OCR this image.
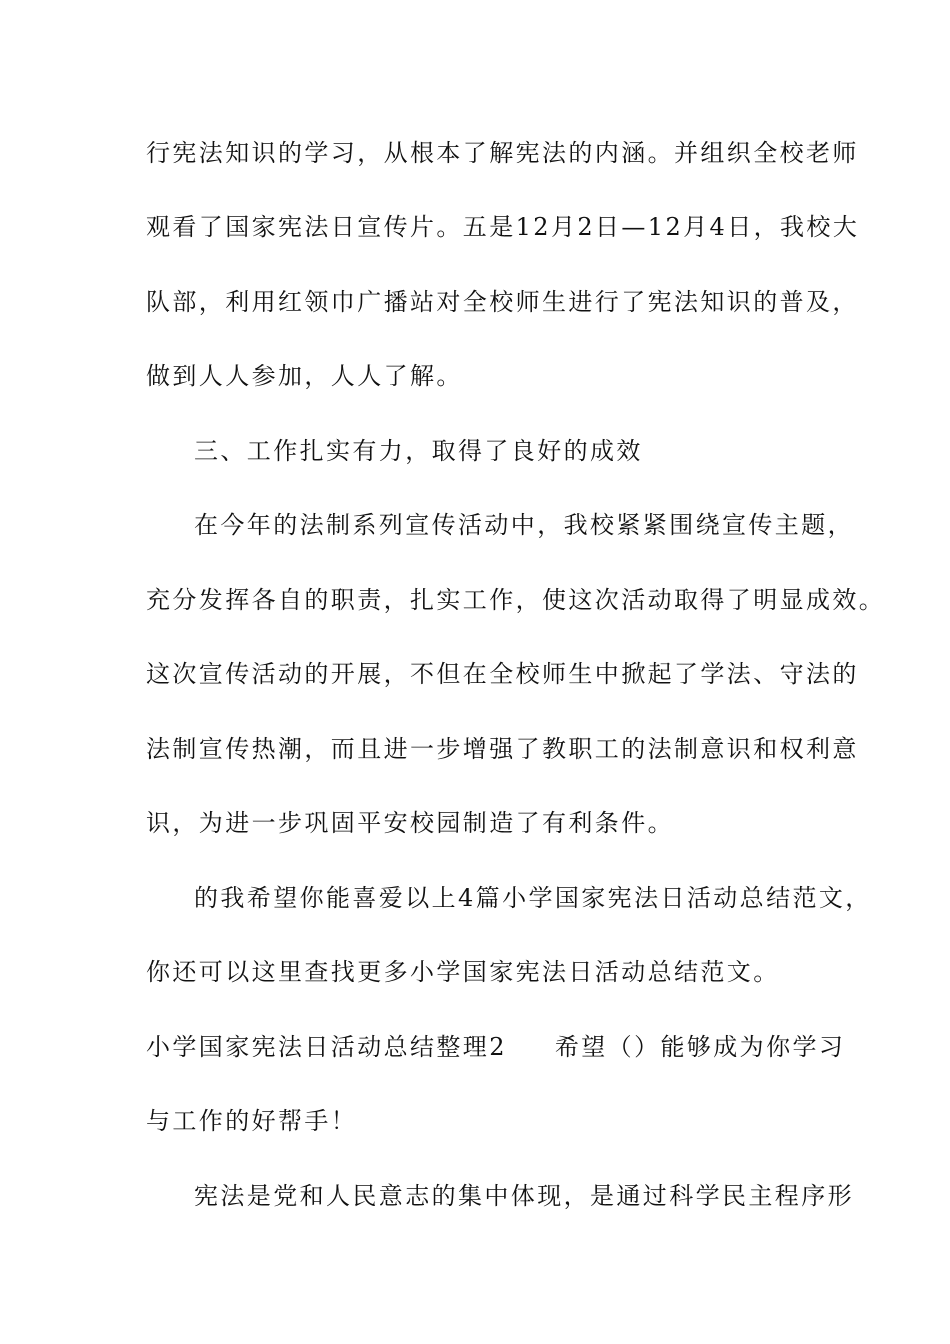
行宪法知识的学习，从根本了解宪法的内涵。并组织全校老师
观看了国家宪法日宣传片。五是12月2日—12月4日，我校大
队部，利用红领巾广播站对全校师生进行了宪法知识的普及，
做到人人参加，人人了解。
三、工作扎实有力，取得了良好的成效
在今年的法制系列宣传活动中，我校紧紧围绕宣传主题，
充分发挥各自的职责，扎实工作，使这次活动取得了明显成效。
这次宣传活动的开展，不但在全校师生中掀起了学法、守法的
法制宣传热潮，而且进一步增强了教职工的法制意识和权利意
识，为进一步巩固平安校园制造了有利条件。
的我希望你能喜爱以上4篇小学国家宪法日活动总结范文，
你还可以这里查找更多小学国家宪法日活动总结范文。
小学国家宪法日活动总结整理2 希望（）能够成为你学习
与工作的好帮手！
宪法是党和人民意志的集中体现，是通过科学民主程序形
